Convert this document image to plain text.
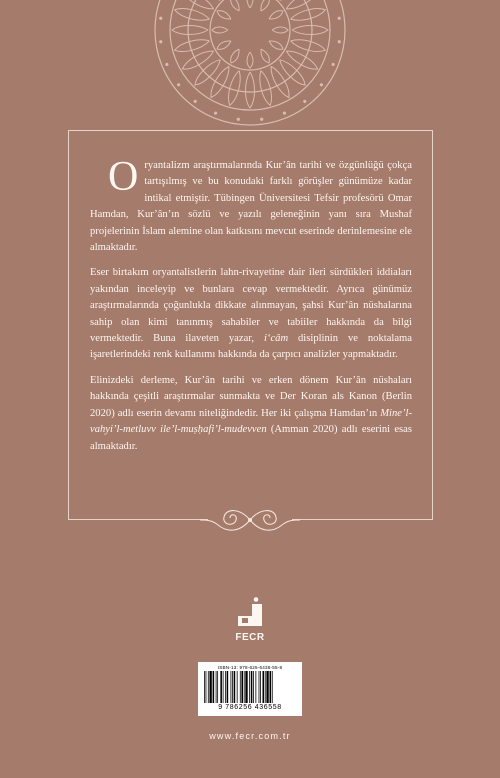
Oryantalizm araştırmalarında Kur’ân tarihi ve özgünlüğü çokça tartışılmış ve bu konudaki farklı görüşler günümüze kadar intikal etmiştir. Tübingen Üniversitesi Tefsir profesörü Omar Hamdan, Kur’ân’ın sözlü ve yazılı geleneğinin yanı sıra Mushaf projelerinin İslam alemine olan katkısını mevcut eserinde derinlemesine ele almaktadır.

Eser birtakım oryantalistlerin lahn-rivayetine dair ileri sürdükleri iddiaları yakından inceleyip ve bunlara cevap vermektedir. Ayrıca günümüz araştırmalarında çoğunlukla dikkate alınmayan, şahsi Kur’ân nüshalarına sahip olan kimi tanınmış sahabiler ve tabiiler hakkında da bilgi vermektedir. Buna ilaveten yazar, i‘câm disiplinin ve noktalama işaretlerindeki renk kullanımı hakkında da çarpıcı analizler yapmaktadır.

Elinizdeki derleme, Kur’ân tarihi ve erken dönem Kur’ân nüshaları hakkında çeşitli araştırmalar sunmakta ve Der Koran als Kanon (Berlin 2020) adlı eserin devamı niteliğindedir. Her iki çalışma Hamdan’ın Mine’l-vahyi’l-metluvv ile’l-muṣḥafi’l-mudevven (Amman 2020) adlı eserini esas almaktadır.

FECR
ISBN-13: 978-625-6436-55-8
9 786256 436558
www.fecr.com.tr
